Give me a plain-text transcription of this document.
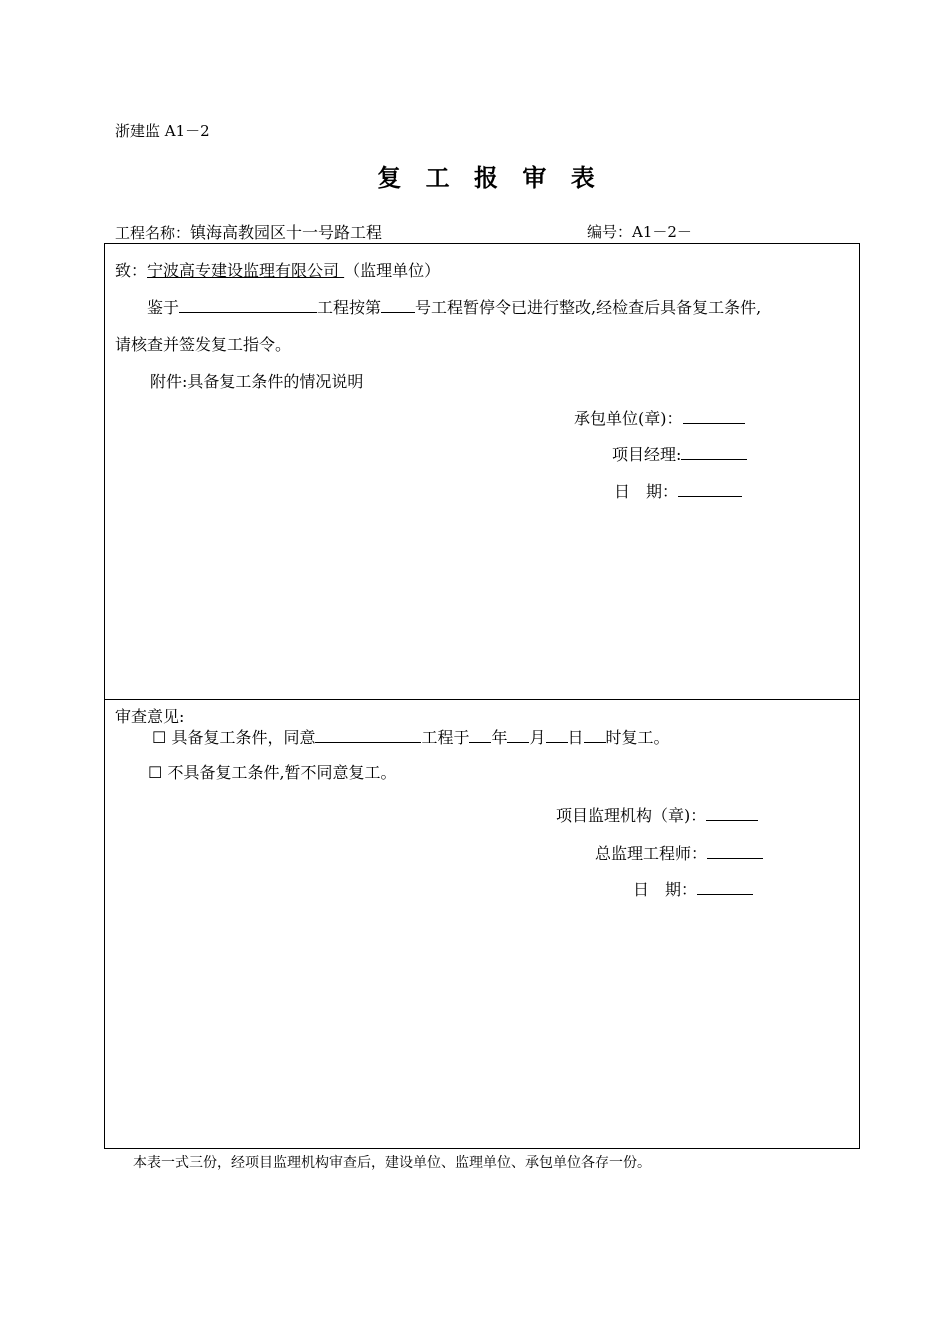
浙建监 A1－2
复 工 报 审 表
工程名称：镇海高教园区十一号路工程	编号：A1－2－
致：宁波高专建设监理有限公司 （监理单位）
鉴于	工程按第 号工程暂停令已进行整改,经检查后具备复工条件,
请核查并签发复工指令。
附件:具备复工条件的情况说明
承包单位(章)：
项目经理:
日　期：
审查意见:
☐ 具备复工条件，同意	工程于 年 月 日 时复工。
☐ 不具备复工条件,暂不同意复工。
项目监理机构（章)：
总监理工程师：
日　期：
本表一式三份，经项目监理机构审查后，建设单位、监理单位、承包单位各存一份。
